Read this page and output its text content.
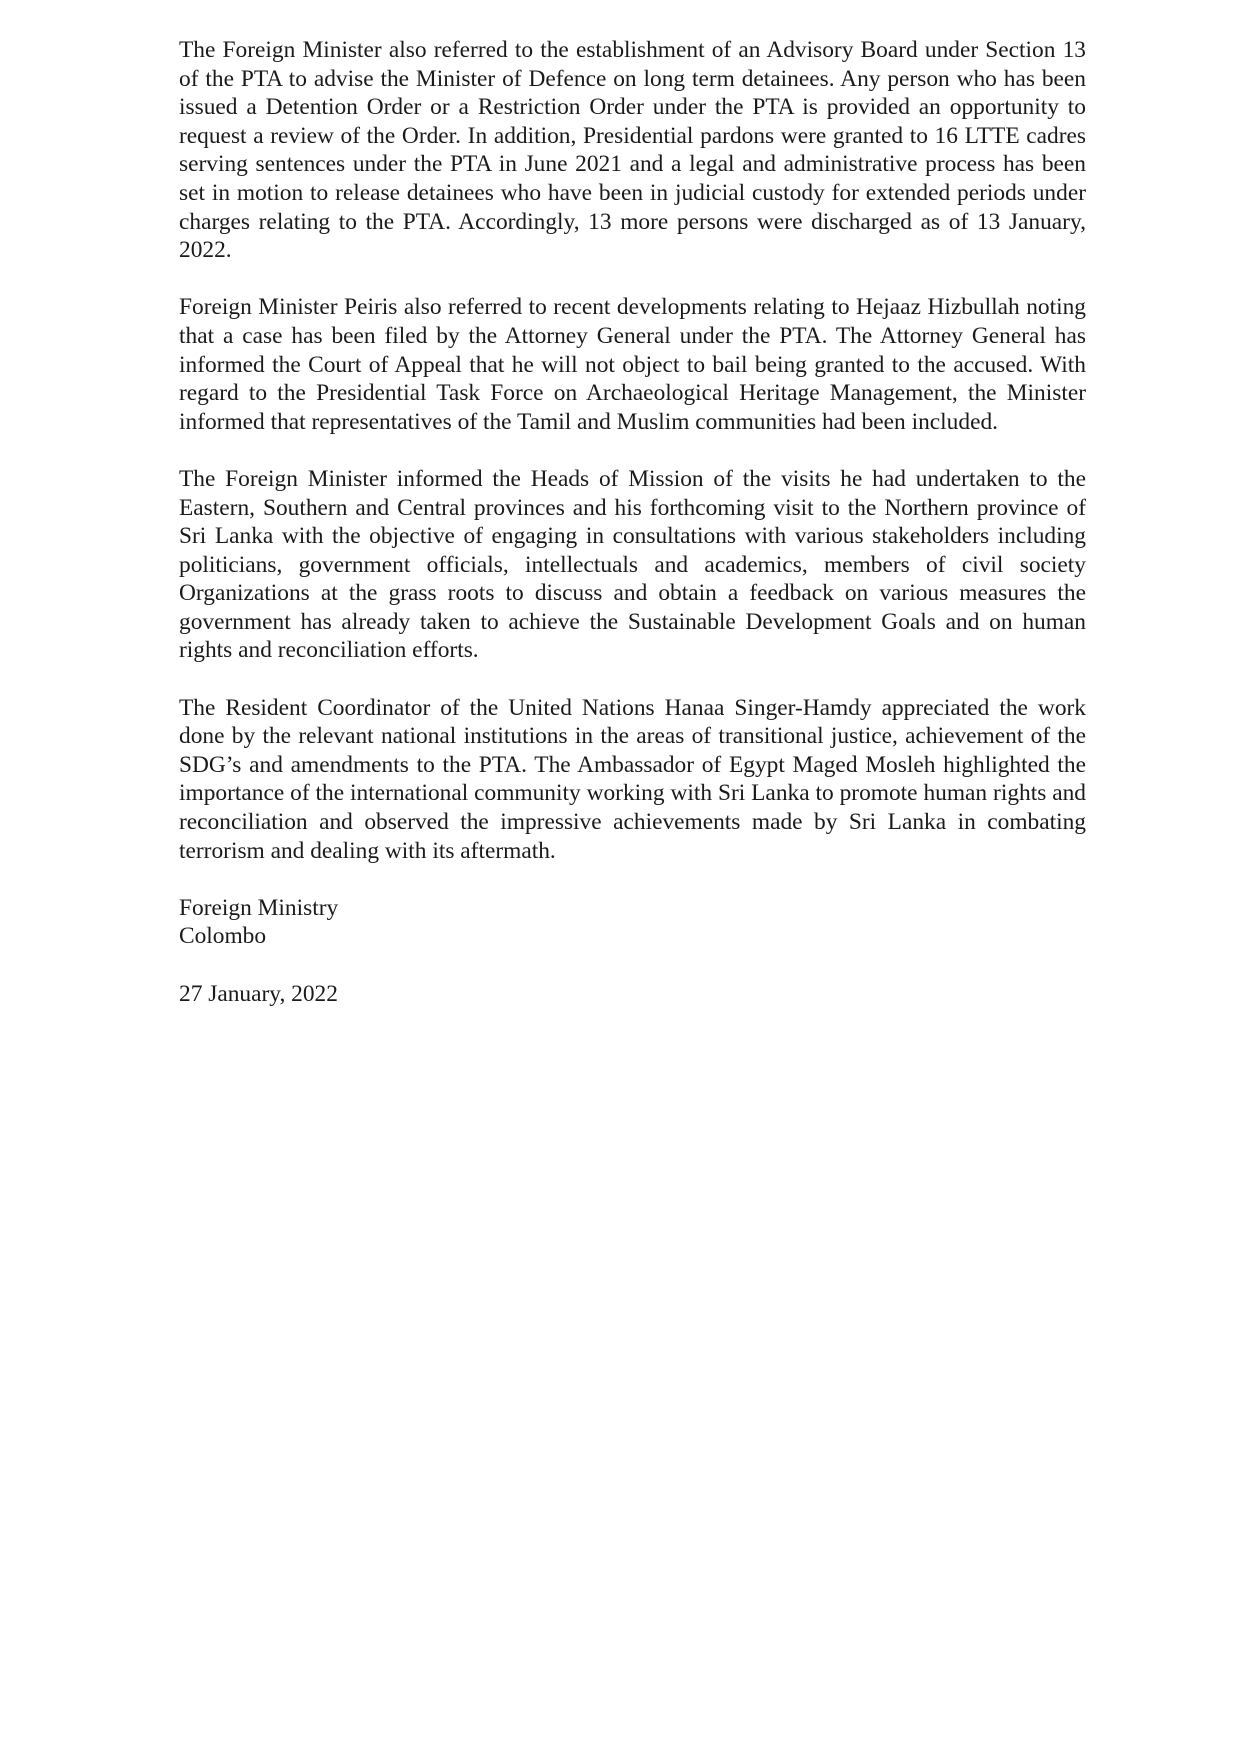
The Foreign Minister also referred to the establishment of an Advisory Board under Section 13 of the PTA to advise the Minister of Defence on long term detainees. Any person who has been issued a Detention Order or a Restriction Order under the PTA is provided an opportunity to request a review of the Order. In addition, Presidential pardons were granted to 16 LTTE cadres serving sentences under the PTA in June 2021 and a legal and administrative process has been set in motion to release detainees who have been in judicial custody for extended periods under charges relating to the PTA. Accordingly, 13 more persons were discharged as of 13 January, 2022.

Foreign Minister Peiris also referred to recent developments relating to Hejaaz Hizbullah noting that a case has been filed by the Attorney General under the PTA. The Attorney General has informed the Court of Appeal that he will not object to bail being granted to the accused. With regard to the Presidential Task Force on Archaeological Heritage Management, the Minister informed that representatives of the Tamil and Muslim communities had been included.

The Foreign Minister informed the Heads of Mission of the visits he had undertaken to the Eastern, Southern and Central provinces and his forthcoming visit to the Northern province of Sri Lanka with the objective of engaging in consultations with various stakeholders including politicians, government officials, intellectuals and academics, members of civil society Organizations at the grass roots to discuss and obtain a feedback on various measures the government has already taken to achieve the Sustainable Development Goals and on human rights and reconciliation efforts.

The Resident Coordinator of the United Nations Hanaa Singer-Hamdy appreciated the work done by the relevant national institutions in the areas of transitional justice, achievement of the SDG’s and amendments to the PTA. The Ambassador of Egypt Maged Mosleh highlighted the importance of the international community working with Sri Lanka to promote human rights and reconciliation and observed the impressive achievements made by Sri Lanka in combating terrorism and dealing with its aftermath.

Foreign Ministry
Colombo

27 January, 2022
